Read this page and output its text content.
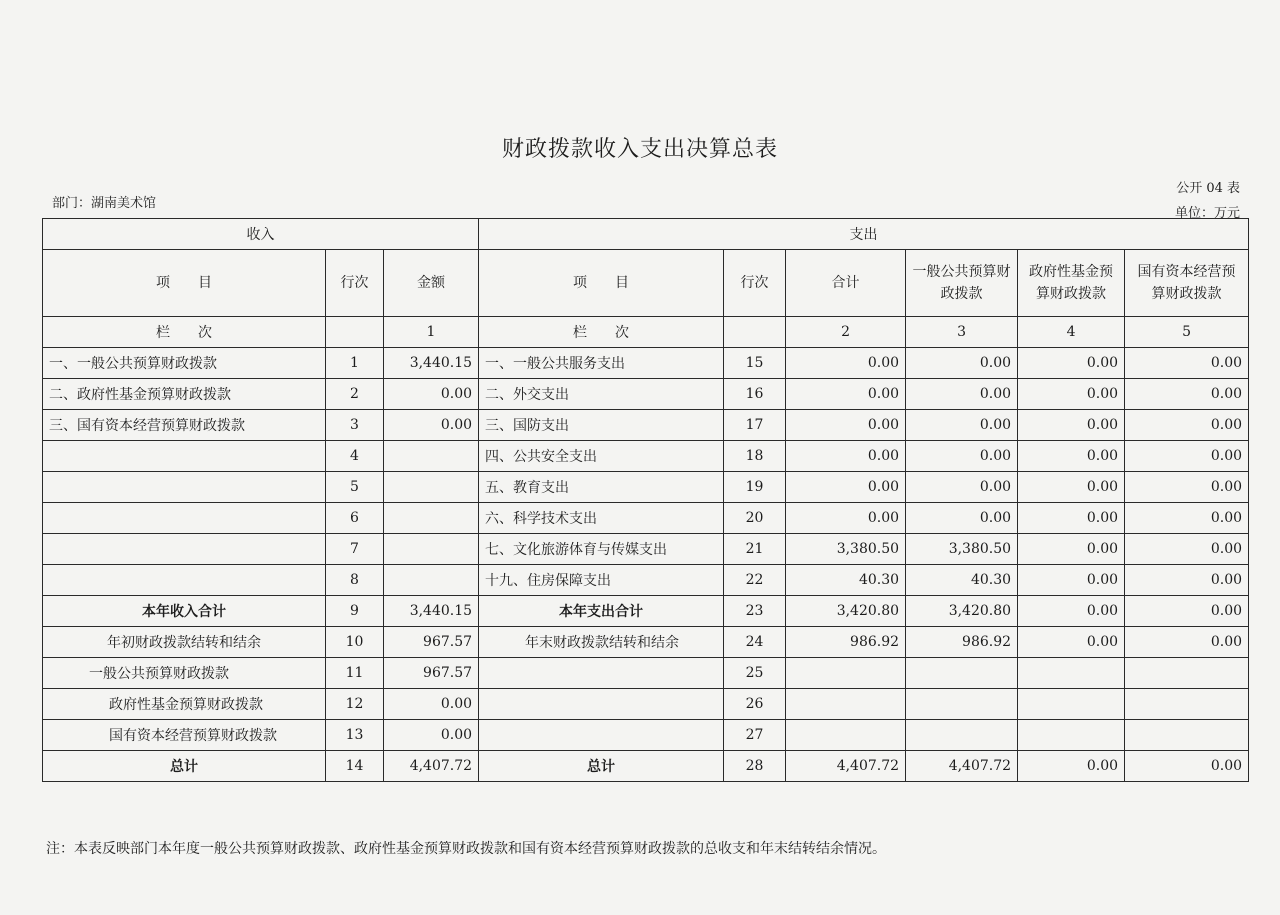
财政拨款收入支出决算总表
部门：湖南美术馆
公开 04 表
单位：万元
收入			支出					
项　　目	行次	金额	项　　目	行次	合计	一般公共预算财政拨款	政府性基金预算财政拨款	国有资本经营预算财政拨款
栏　　次		1	栏　　次		2	3	4	5
一、一般公共预算财政拨款	1	3,440.15	一、一般公共服务支出	15	0.00	0.00	0.00	0.00
二、政府性基金预算财政拨款	2	0.00	二、外交支出	16	0.00	0.00	0.00	0.00
三、国有资本经营预算财政拨款	3	0.00	三、国防支出	17	0.00	0.00	0.00	0.00
	4		四、公共安全支出	18	0.00	0.00	0.00	0.00
	5		五、教育支出	19	0.00	0.00	0.00	0.00
	6		六、科学技术支出	20	0.00	0.00	0.00	0.00
	7		七、文化旅游体育与传媒支出	21	3,380.50	3,380.50	0.00	0.00
	8		十九、住房保障支出	22	40.30	40.30	0.00	0.00
本年收入合计	9	3,440.15	本年支出合计	23	3,420.80	3,420.80	0.00	0.00
年初财政拨款结转和结余	10	967.57	年末财政拨款结转和结余	24	986.92	986.92	0.00	0.00
一般公共预算财政拨款	11	967.57		25				
政府性基金预算财政拨款	12	0.00		26				
国有资本经营预算财政拨款	13	0.00		27				
总计	14	4,407.72	总计	28	4,407.72	4,407.72	0.00	0.00
注：本表反映部门本年度一般公共预算财政拨款、政府性基金预算财政拨款和国有资本经营预算财政拨款的总收支和年末结转结余情况。
